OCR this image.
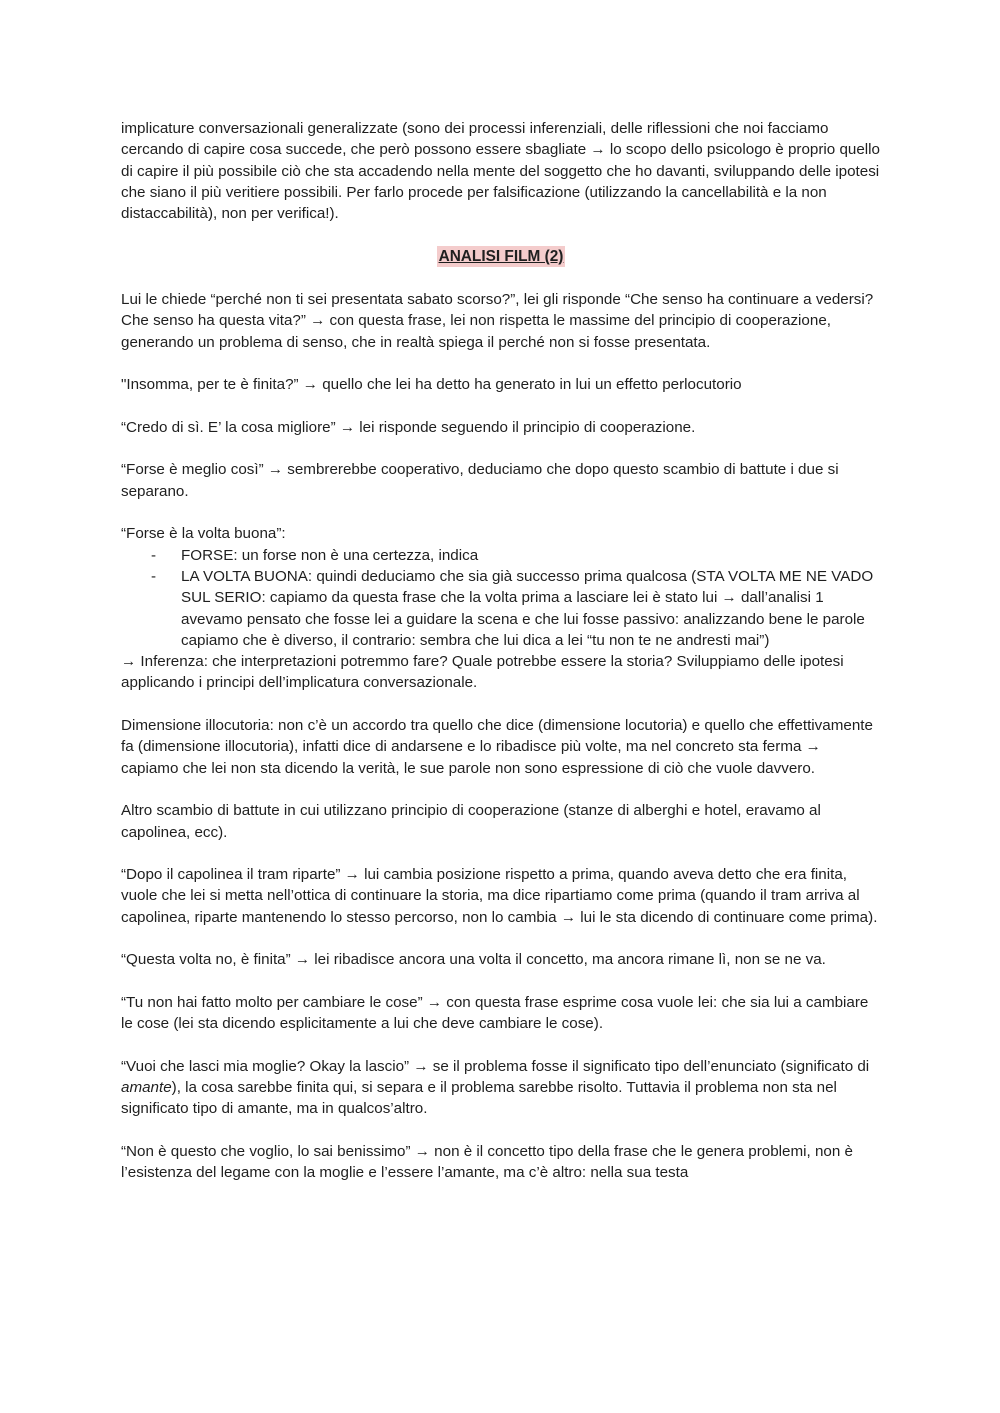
implicature conversazionali generalizzate (sono dei processi inferenziali, delle riflessioni che noi facciamo cercando di capire cosa succede, che però possono essere sbagliate → lo scopo dello psicologo è proprio quello di capire il più possibile ciò che sta accadendo nella mente del soggetto che ho davanti, sviluppando delle ipotesi che siano il più veritiere possibili. Per farlo procede per falsificazione (utilizzando la cancellabilità e la non distaccabilità), non per verifica!).

ANALISI FILM (2)

Lui le chiede “perché non ti sei presentata sabato scorso?”, lei gli risponde “Che senso ha continuare a vedersi? Che senso ha questa vita?” → con questa frase, lei non rispetta le massime del principio di cooperazione, generando un problema di senso, che in realtà spiega il perché non si fosse presentata.

"Insomma, per te è finita?” → quello che lei ha detto ha generato in lui un effetto perlocutorio

“Credo di sì. E’ la cosa migliore” → lei risponde seguendo il principio di cooperazione.

“Forse è meglio così” → sembrerebbe cooperativo, deduciamo che dopo questo scambio di battute i due si separano.

“Forse è la volta buona”:

- FORSE: un forse non è una certezza, indica
- LA VOLTA BUONA: quindi deduciamo che sia già successo prima qualcosa (STA VOLTA ME NE VADO SUL SERIO: capiamo da questa frase che la volta prima a lasciare lei è stato lui → dall’analisi 1 avevamo pensato che fosse lei a guidare la scena e che lui fosse passivo: analizzando bene le parole capiamo che è diverso, il contrario: sembra che lui dica a lei “tu non te ne andresti mai”)

→ Inferenza: che interpretazioni potremmo fare? Quale potrebbe essere la storia? Sviluppiamo delle ipotesi applicando i principi dell’implicatura conversazionale.

Dimensione illocutoria: non c’è un accordo tra quello che dice (dimensione locutoria) e quello che effettivamente fa (dimensione illocutoria), infatti dice di andarsene e lo ribadisce più volte, ma nel concreto sta ferma → capiamo che lei non sta dicendo la verità, le sue parole non sono espressione di ciò che vuole davvero.

Altro scambio di battute in cui utilizzano principio di cooperazione (stanze di alberghi e hotel, eravamo al capolinea, ecc).

“Dopo il capolinea il tram riparte” → lui cambia posizione rispetto a prima, quando aveva detto che era finita, vuole che lei si metta nell’ottica di continuare la storia, ma dice ripartiamo come prima (quando il tram arriva al capolinea, riparte mantenendo lo stesso percorso, non lo cambia → lui le sta dicendo di continuare come prima).

“Questa volta no, è finita” → lei ribadisce ancora una volta il concetto, ma ancora rimane lì, non se ne va.

“Tu non hai fatto molto per cambiare le cose” → con questa frase esprime cosa vuole lei: che sia lui a cambiare le cose (lei sta dicendo esplicitamente a lui che deve cambiare le cose).

“Vuoi che lasci mia moglie? Okay la lascio” → se il problema fosse il significato tipo dell’enunciato (significato di amante), la cosa sarebbe finita qui, si separa e il problema sarebbe risolto. Tuttavia il problema non sta nel significato tipo di amante, ma in qualcos’altro.

“Non è questo che voglio, lo sai benissimo” → non è il concetto tipo della frase che le genera problemi, non è l’esistenza del legame con la moglie e l’essere l’amante, ma c’è altro: nella sua testa
